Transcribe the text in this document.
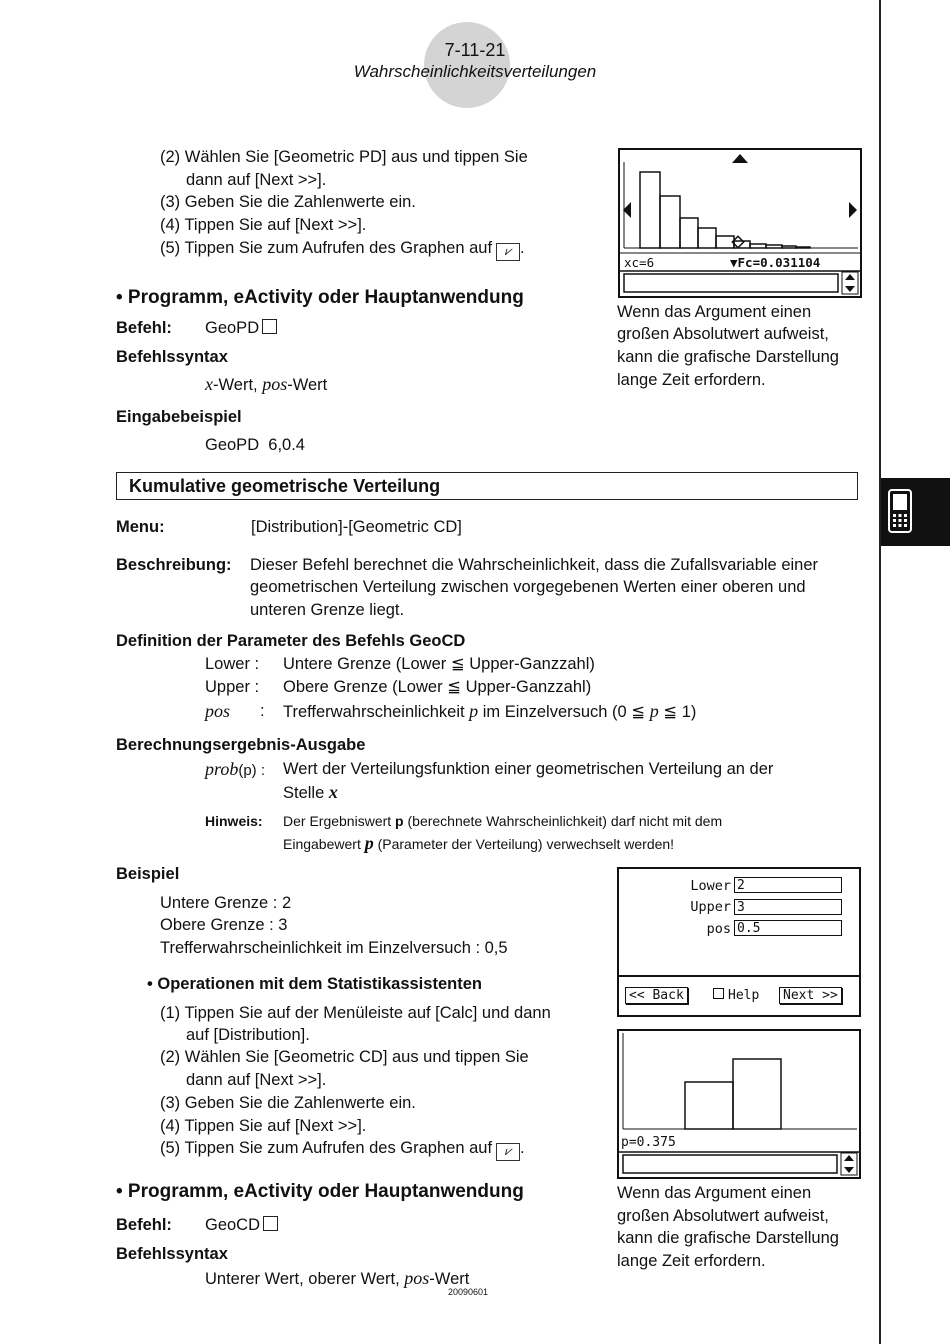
7-11-21
Wahrscheinlichkeitsverteilungen
(2) Wählen Sie [Geometric PD] aus und tippen Sie
dann auf [Next >>].
(3) Geben Sie die Zahlenwerte ein.
(4) Tippen Sie auf [Next >>].
(5) Tippen Sie zum Aufrufen des Graphen auf ⩗ .
xc=6	▼Fc=0.031104
Wenn das Argument einen
großen Absolutwert aufweist,
kann die grafische Darstellung
lange Zeit erfordern.
• Programm, eActivity oder Hauptanwendung
Befehl: GeoPD
Befehlssyntax
x-Wert, pos-Wert
Eingabebeispiel
GeoPD  6,0.4
Kumulative geometrische Verteilung
Menu:	[Distribution]-[Geometric CD]
Beschreibung: Dieser Befehl berechnet die Wahrscheinlichkeit, dass die Zufallsvariable einer
geometrischen Verteilung zwischen vorgegebenen Werten einer oberen und
unteren Grenze liegt.
Definition der Parameter des Befehls GeoCD
Lower : Untere Grenze (Lower ≦ Upper-Ganzzahl)
Upper : Obere Grenze (Lower ≦ Upper-Ganzzahl)
pos : Trefferwahrscheinlichkeit p im Einzelversuch (0 ≦ p ≦ 1)
Berechnungsergebnis-Ausgabe
prob(p) : Wert der Verteilungsfunktion einer geometrischen Verteilung an der
Stelle x
Hinweis: Der Ergebniswert p (berechnete Wahrscheinlichkeit) darf nicht mit dem
Eingabewert p (Parameter der Verteilung) verwechselt werden!
Beispiel
Untere Grenze : 2
Obere Grenze : 3
Trefferwahrscheinlichkeit im Einzelversuch : 0,5
• Operationen mit dem Statistikassistenten
(1) Tippen Sie auf der Menüleiste auf [Calc] und dann
auf [Distribution].
(2) Wählen Sie [Geometric CD] aus und tippen Sie
dann auf [Next >>].
(3) Geben Sie die Zahlenwerte ein.
(4) Tippen Sie auf [Next >>].
(5) Tippen Sie zum Aufrufen des Graphen auf ⩗ .
Lower 2
Upper 3
pos 0.5
<< Back	Help	Next >>
p=0.375
Wenn das Argument einen
großen Absolutwert aufweist,
kann die grafische Darstellung
lange Zeit erfordern.
• Programm, eActivity oder Hauptanwendung
Befehl: GeoCD
Befehlssyntax
Unterer Wert, oberer Wert, pos-Wert
20090601
